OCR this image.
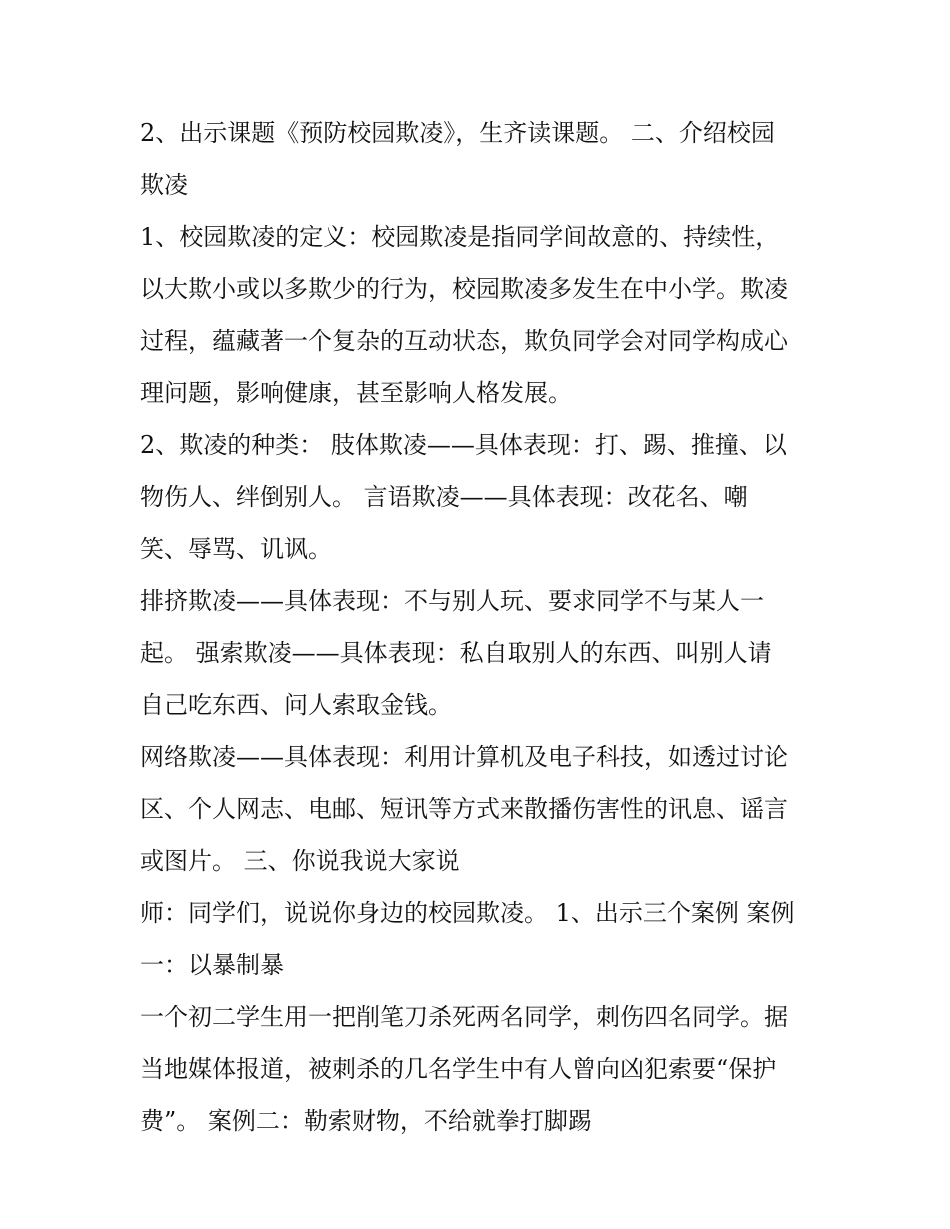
2、出示课题《预防校园欺凌》，生齐读课题。 二、介绍校园

欺凌

1、校园欺凌的定义：校园欺凌是指同学间故意的、持续性，

以大欺小或以多欺少的行为，校园欺凌多发生在中小学。欺凌

过程，蕴藏著一个复杂的互动状态，欺负同学会对同学构成心

理问题，影响健康，甚至影响人格发展。

2、欺凌的种类： 肢体欺凌——具体表现：打、踢、推撞、以

物伤人、绊倒别人。 言语欺凌——具体表现：改花名、嘲

笑、辱骂、讥讽。

排挤欺凌——具体表现：不与别人玩、要求同学不与某人一

起。 强索欺凌——具体表现：私自取别人的东西、叫别人请

自己吃东西、问人索取金钱。

网络欺凌——具体表现：利用计算机及电子科技，如透过讨论

区、个人网志、电邮、短讯等方式来散播伤害性的讯息、谣言

或图片。 三、你说我说大家说

师：同学们，说说你身边的校园欺凌。 1、出示三个案例 案例

一：以暴制暴

一个初二学生用一把削笔刀杀死两名同学，刺伤四名同学。据

当地媒体报道，被刺杀的几名学生中有人曾向凶犯索要“保护

费”。 案例二：勒索财物，不给就拳打脚踢
